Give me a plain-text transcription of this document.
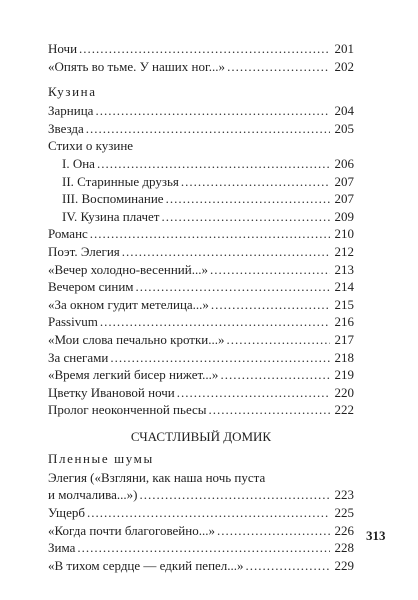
Ночи .....	201
«Опять во тьме. У наших ног...» .....	202
Кузина
Зарница .....	204
Звезда .....	205
Стихи о кузине
I. Она .....	206
II. Старинные друзья .....	207
III. Воспоминание .....	207
IV. Кузина плачет .....	209
Романс .....	210
Поэт. Элегия .....	212
«Вечер холодно-весенний...» .....	213
Вечером синим .....	214
«За окном гудит метелица...» .....	215
Passivum .....	216
«Мои слова печально кротки...» .....	217
За снегами .....	218
«Время легкий бисер нижет...» .....	219
Цветку Ивановой ночи .....	220
Пролог неоконченной пьесы .....	222
СЧАСТЛИВЫЙ ДОМИК
Пленные шумы
Элегия («Взгляни, как наша ночь пуста
и молчалива...») .....	223
Ущерб .....	225
«Когда почти благоговейно...» .....	226
Зима .....	228
«В тихом сердце — едкий пепел...» .....	229
313
